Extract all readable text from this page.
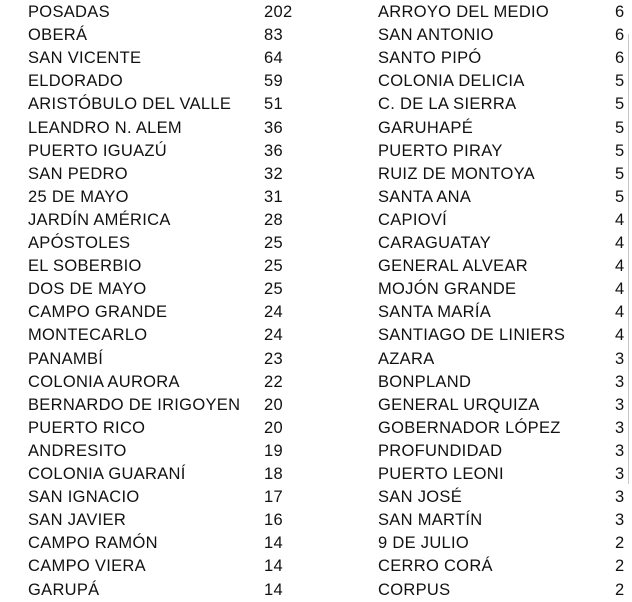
POSADAS	202
OBERÁ	83
SAN VICENTE	64
ELDORADO	59
ARISTÓBULO DEL VALLE 51
LEANDRO N. ALEM	36
PUERTO IGUAZÚ	36
SAN PEDRO	32
25 DE MAYO	31
JARDÍN AMÉRICA	28
APÓSTOLES	25
EL SOBERBIO	25
DOS DE MAYO	25
CAMPO GRANDE	24
MONTECARLO	24
PANAMBÍ	23
COLONIA AURORA	22
BERNARDO DE IRIGOYEN 20
PUERTO RICO	20
ANDRESITO	19
COLONIA GUARANÍ	18
SAN IGNACIO	17
SAN JAVIER	16
CAMPO RAMÓN	14
CAMPO VIERA	14
GARUPÁ	14
ARROYO DEL MEDIO	6
SAN ANTONIO	6
SANTO PIPÓ	6
COLONIA DELICIA	5
C. DE LA SIERRA	5
GARUHAPÉ	5
PUERTO PIRAY	5
RUIZ DE MONTOYA	5
SANTA ANA	5
CAPIOVÍ	4
CARAGUATAY	4
GENERAL ALVEAR	4
MOJÓN GRANDE	4
SANTA MARÍA	4
SANTIAGO DE LINIERS	4
AZARA	3
BONPLAND	3
GENERAL URQUIZA	3
GOBERNADOR LÓPEZ	3
PROFUNDIDAD	3
PUERTO LEONI	3
SAN JOSÉ	3
SAN MARTÍN	3
9 DE JULIO	2
CERRO CORÁ	2
CORPUS	2
